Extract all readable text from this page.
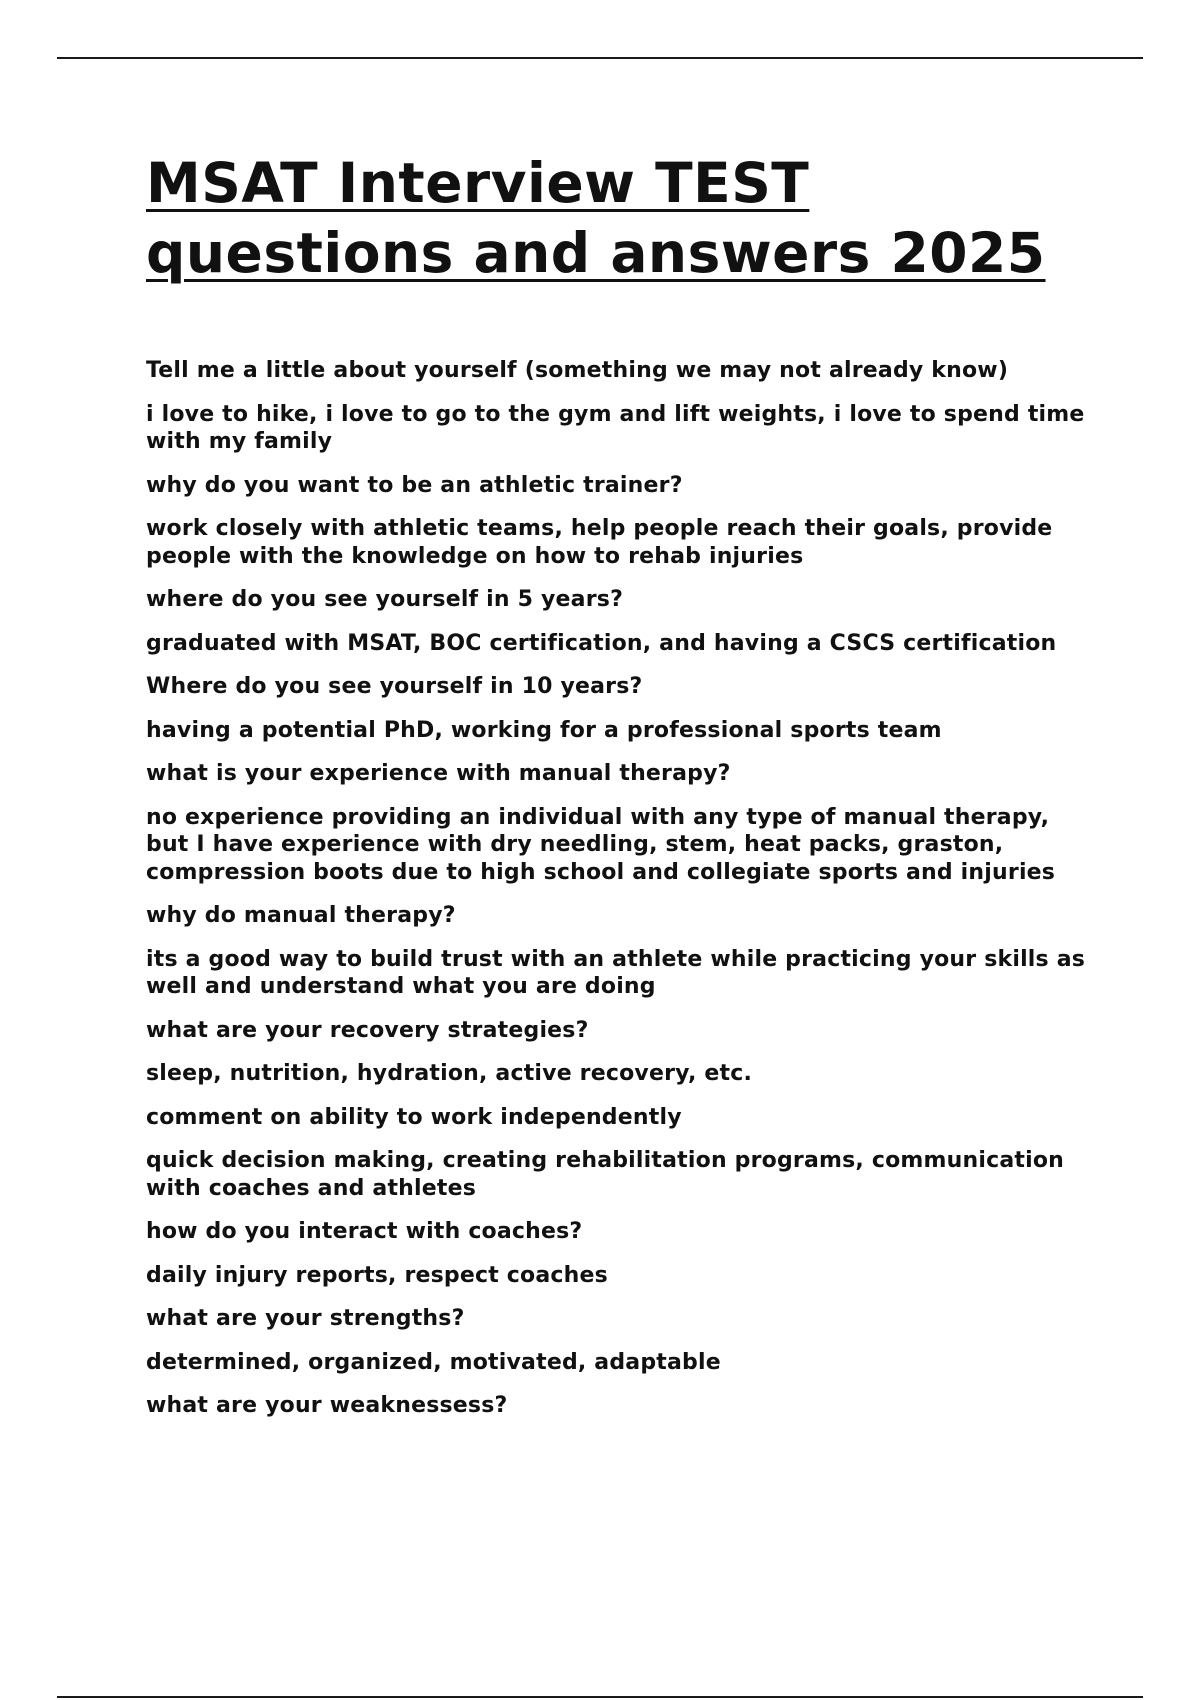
MSAT Interview TEST
questions and answers 2025

Tell me a little about yourself (something we may not already know)

i love to hike, i love to go to the gym and lift weights, i love to spend time with my family

why do you want to be an athletic trainer?

work closely with athletic teams, help people reach their goals, provide people with the knowledge on how to rehab injuries

where do you see yourself in 5 years?

graduated with MSAT, BOC certification, and having a CSCS certification

Where do you see yourself in 10 years?

having a potential PhD, working for a professional sports team

what is your experience with manual therapy?

no experience providing an individual with any type of manual therapy, but I have experience with dry needling, stem, heat packs, graston, compression boots due to high school and collegiate sports and injuries

why do manual therapy?

its a good way to build trust with an athlete while practicing your skills as well and understand what you are doing

what are your recovery strategies?

sleep, nutrition, hydration, active recovery, etc.

comment on ability to work independently

quick decision making, creating rehabilitation programs, communication with coaches and athletes

how do you interact with coaches?

daily injury reports, respect coaches

what are your strengths?

determined, organized, motivated, adaptable

what are your weaknessess?
